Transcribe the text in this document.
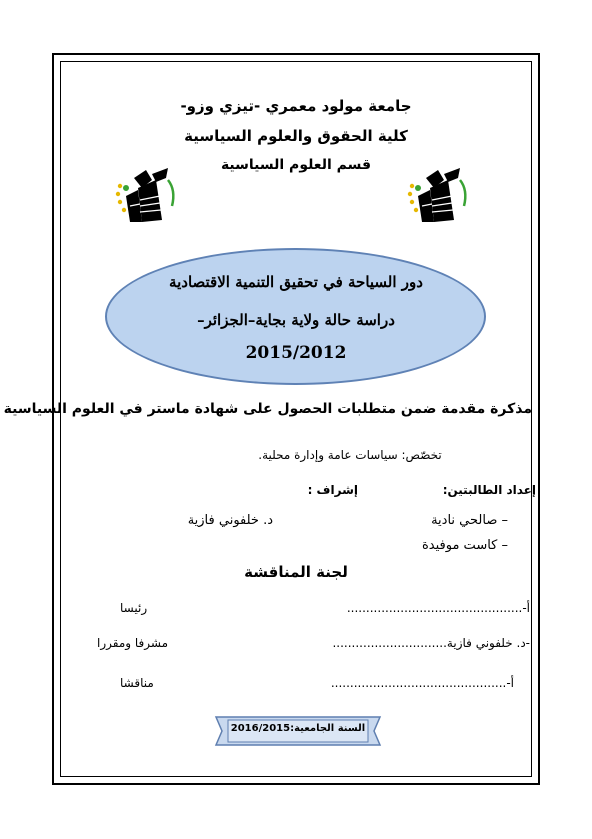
جامعة مولود معمري -تيزي وزو-
كلية الحقوق والعلوم السياسية
قسم العلوم السياسية
دور السياحة في تحقيق التنمية الاقتصادية
دراسة حالة ولاية بجاية–الجزائر–
2015/2012
مذكرة مقدمة ضمن متطلبات الحصول على شهادة ماستر في العلوم السياسية
تخصّص: سياسات عامة وإدارة محلية.
إعداد الطالبتين:
إشراف :
– صالحي نادية
– كاست موفيدة
د. خلفوني فازية
لجنة المناقشة
أ-..............................................
رئيسا
-د. خلفوني فازية..............................
مشرفا ومقررا
أ-..............................................
مناقشا
السنة الجامعية:2016/2015
